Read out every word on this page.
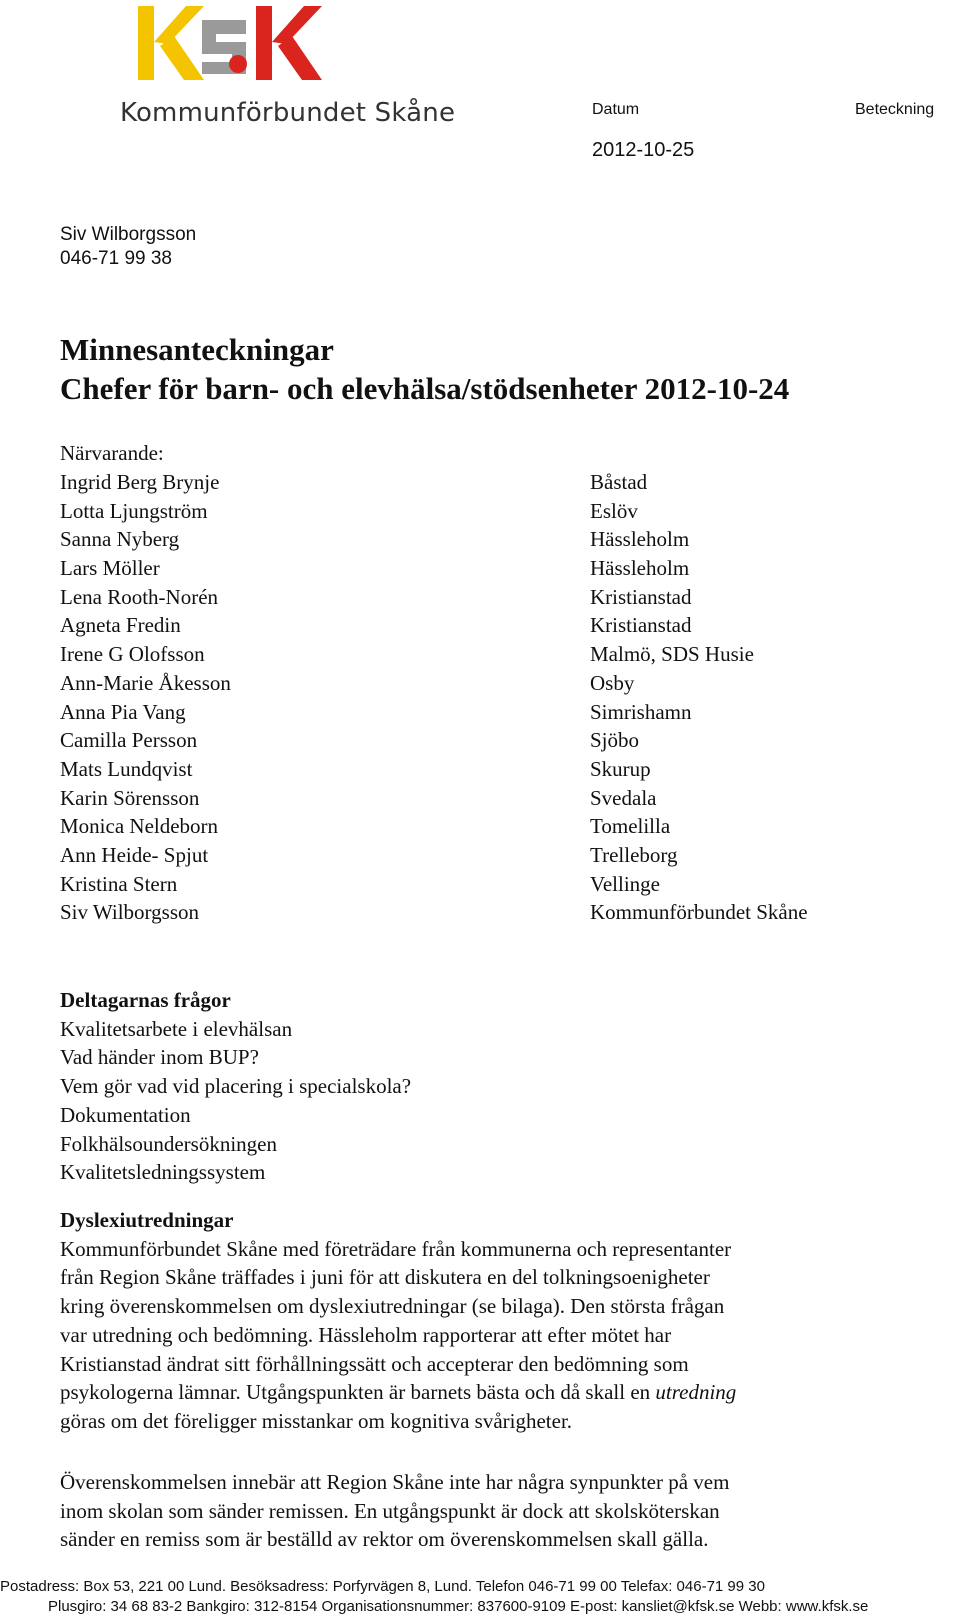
Kommunförbundet Skåne	Datum	Beteckning
2012-10-25
Siv Wilborgsson
046-71 99 38
Minnesanteckningar
Chefer för barn- och elevhälsa/stödsenheter 2012-10-24
Närvarande:
Ingrid Berg Brynje	Båstad
Lotta Ljungström	Eslöv
Sanna Nyberg	Hässleholm
Lars Möller	Hässleholm
Lena Rooth-Norén	Kristianstad
Agneta Fredin	Kristianstad
Irene G Olofsson	Malmö, SDS Husie
Ann-Marie Åkesson	Osby
Anna Pia Vang	Simrishamn
Camilla Persson	Sjöbo
Mats Lundqvist	Skurup
Karin Sörensson	Svedala
Monica Neldeborn	Tomelilla
Ann Heide- Spjut	Trelleborg
Kristina Stern	Vellinge
Siv Wilborgsson	Kommunförbundet Skåne
Deltagarnas frågor
Kvalitetsarbete i elevhälsan
Vad händer inom BUP?
Vem gör vad vid placering i specialskola?
Dokumentation
Folkhälsoundersökningen
Kvalitetsledningssystem
Dyslexiutredningar
Kommunförbundet Skåne med företrädare från kommunerna och representanter
från Region Skåne träffades i juni för att diskutera en del tolkningsoenigheter
kring överenskommelsen om dyslexiutredningar (se bilaga). Den största frågan
var utredning och bedömning. Hässleholm rapporterar att efter mötet har
Kristianstad ändrat sitt förhållningssätt och accepterar den bedömning som
psykologerna lämnar. Utgångspunkten är barnets bästa och då skall en utredning
göras om det föreligger misstankar om kognitiva svårigheter.
Överenskommelsen innebär att Region Skåne inte har några synpunkter på vem
inom skolan som sänder remissen. En utgångspunkt är dock att skolsköterskan
sänder en remiss som är beställd av rektor om överenskommelsen skall gälla.
Postadress: Box 53, 221 00 Lund. Besöksadress: Porfyrvägen 8, Lund. Telefon 046-71 99 00 Telefax: 046-71 99 30
Plusgiro: 34 68 83-2 Bankgiro: 312-8154 Organisationsnummer: 837600-9109 E-post: kansliet@kfsk.se Webb: www.kfsk.se
